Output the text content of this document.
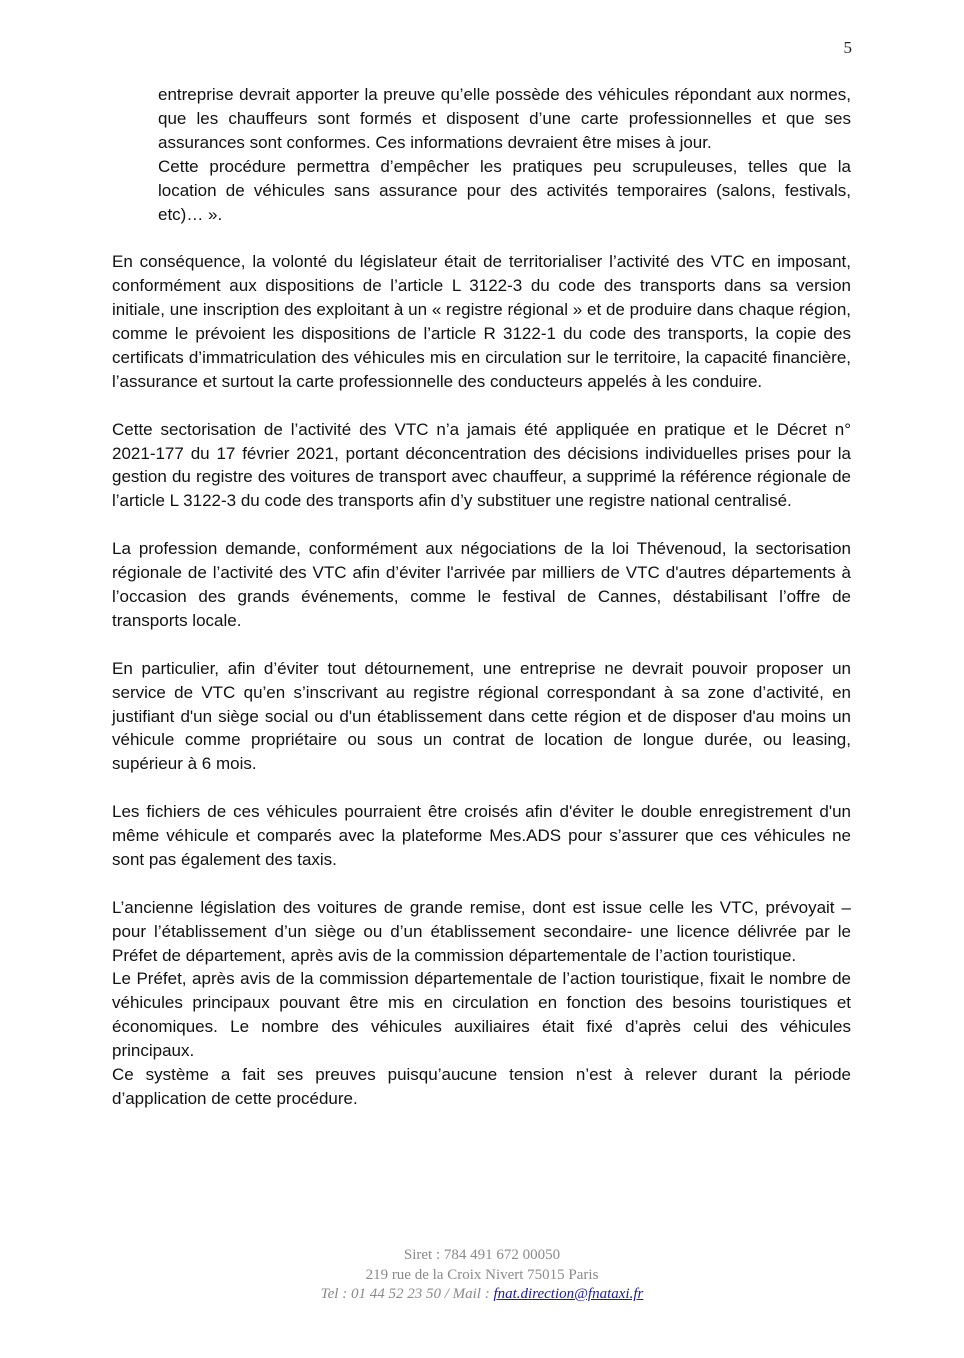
5
entreprise devrait apporter la preuve qu’elle possède des véhicules répondant aux normes, que les chauffeurs sont formés et disposent d’une carte professionnelles et que ses assurances sont conformes. Ces informations devraient être mises à jour.
Cette procédure permettra d’empêcher les pratiques peu scrupuleuses, telles que la location de véhicules sans assurance pour des activités temporaires (salons, festivals, etc)… ».
En conséquence, la volonté du législateur était de territorialiser l’activité des VTC en imposant, conformément aux dispositions de l’article L 3122-3 du code des transports dans sa version initiale, une inscription des exploitant à un « registre régional » et de produire dans chaque région, comme le prévoient les dispositions de l’article R 3122-1 du code des transports, la copie des certificats d’immatriculation des véhicules mis en circulation sur le territoire, la capacité financière, l’assurance et surtout la carte professionnelle des conducteurs appelés à les conduire.
Cette sectorisation de l’activité des VTC n’a jamais été appliquée en pratique et le Décret n° 2021-177 du 17 février 2021, portant déconcentration des décisions individuelles prises pour la gestion du registre des voitures de transport avec chauffeur, a supprimé la référence régionale de l’article L 3122-3 du code des transports afin d’y substituer une registre national centralisé.
La profession demande, conformément aux négociations de la loi Thévenoud, la sectorisation régionale de l’activité des VTC afin d’éviter l'arrivée par milliers de VTC d'autres départements à l’occasion des grands événements, comme le festival de Cannes, déstabilisant l’offre de transports locale.
En particulier, afin d’éviter tout détournement, une entreprise ne devrait pouvoir proposer un service de VTC qu’en s’inscrivant au registre régional correspondant à sa zone d’activité, en justifiant d'un siège social ou d'un établissement dans cette région et de disposer d'au moins un véhicule comme propriétaire ou sous un contrat de location de longue durée, ou leasing, supérieur à 6 mois.
Les fichiers de ces véhicules pourraient être croisés afin d'éviter le double enregistrement d'un même véhicule et comparés avec la plateforme Mes.ADS pour s’assurer que ces véhicules ne sont pas également des taxis.
L’ancienne législation des voitures de grande remise, dont est issue celle les VTC, prévoyait – pour l’établissement d’un siège ou d’un établissement secondaire- une licence délivrée par le Préfet de département, après avis de la commission départementale de l’action touristique.
Le Préfet, après avis de la commission départementale de l’action touristique, fixait le nombre de véhicules principaux pouvant être mis en circulation en fonction des besoins touristiques et économiques. Le nombre des véhicules auxiliaires était fixé d’après celui des véhicules principaux.
Ce système a fait ses preuves puisqu’aucune tension n’est à relever durant la période d’application de cette procédure.
Siret : 784 491 672 00050
219 rue de la Croix Nivert 75015 Paris
Tel : 01 44 52 23 50 / Mail : fnat.direction@fnataxi.fr
